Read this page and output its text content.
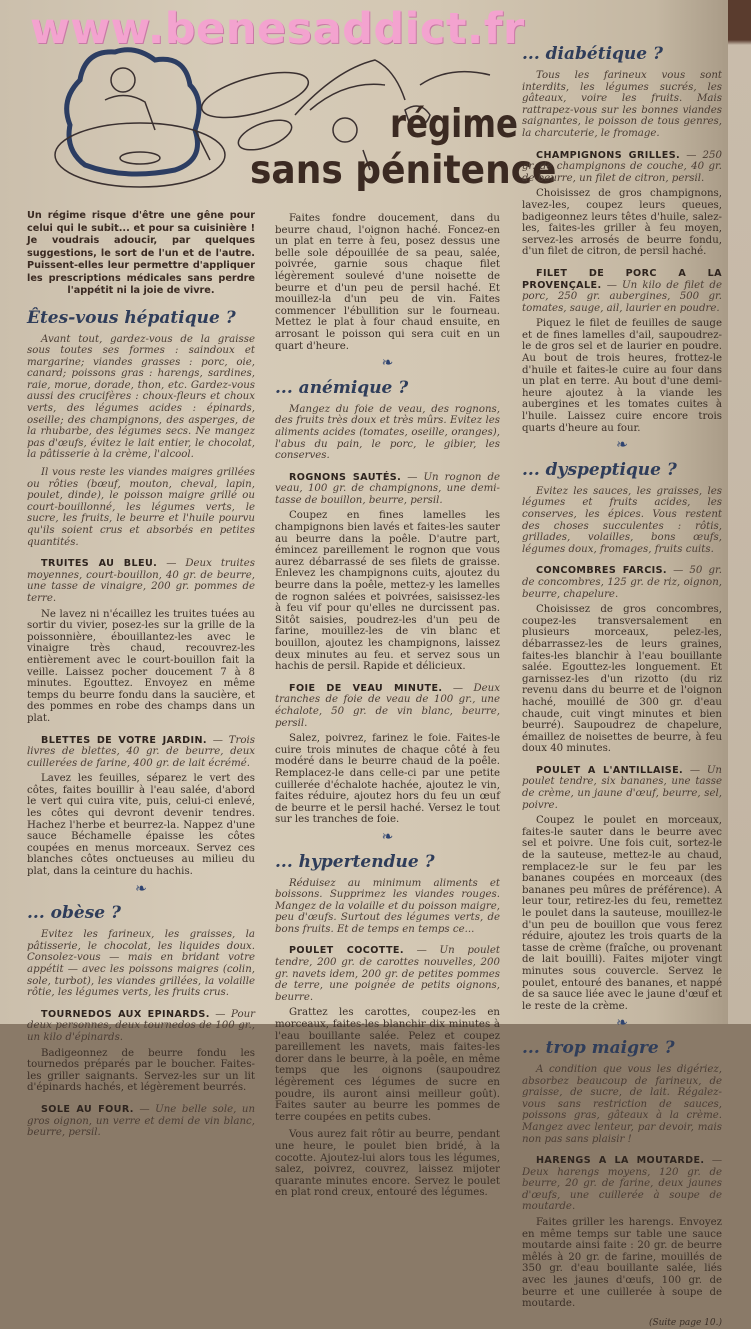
www.benesaddict.fr
régime
sans pénitence

Un régime risque d'être une gêne pour celui qui le subit... et pour sa cuisinière ! Je voudrais adoucir, par quelques suggestions, le sort de l'un et de l'autre. Puissent-elles leur permettre d'appliquer les prescriptions médicales sans perdre l'appétit ni la joie de vivre.

Êtes-vous hépatique ?

Avant tout, gardez-vous de la graisse sous toutes ses formes : saindoux et margarine; viandes grasses : porc, oie, canard; poissons gras : harengs, sardines, raie, morue, dorade, thon, etc. Gardez-vous aussi des crucifères : choux-fleurs et choux verts, des légumes acides : épinards, oseille; des champignons, des asperges, de la rhubarbe, des légumes secs. Ne mangez pas d'œufs, évitez le lait entier, le chocolat, la pâtisserie à la crème, l'alcool.

Il vous reste les viandes maigres grillées ou rôties (bœuf, mouton, cheval, lapin, poulet, dinde), le poisson maigre grillé ou court-bouillonné, les légumes verts, le sucre, les fruits, le beurre et l'huile pourvu qu'ils soient crus et absorbés en petites quantités.

TRUITES AU BLEU. — Deux truites moyennes, court-bouillon, 40 gr. de beurre, une tasse de vinaigre, 200 gr. pommes de terre.

Ne lavez ni n'écaillez les truites tuées au sortir du vivier, posez-les sur la grille de la poissonnière, ébouillantez-les avec le vinaigre très chaud, recouvrez-les entièrement avec le court-bouillon fait la veille. Laissez pocher doucement 7 à 8 minutes. Egouttez. Envoyez en même temps du beurre fondu dans la saucière, et des pommes en robe des champs dans un plat.

BLETTES DE VOTRE JARDIN. — Trois livres de blettes, 40 gr. de beurre, deux cuillerées de farine, 400 gr. de lait écrémé.

Lavez les feuilles, séparez le vert des côtes, faites bouillir à l'eau salée, d'abord le vert qui cuira vite, puis, celui-ci enlevé, les côtes qui devront devenir tendres. Hachez l'herbe et beurrez-la. Nappez d'une sauce Béchamelle épaisse les côtes coupées en menus morceaux. Servez ces blanches côtes onctueuses au milieu du plat, dans la ceinture du hachis.

❧
... obèse ?

Evitez les farineux, les graisses, la pâtisserie, le chocolat, les liquides doux. Consolez-vous — mais en bridant votre appétit — avec les poissons maigres (colin, sole, turbot), les viandes grillées, la volaille rôtie, les légumes verts, les fruits crus.

TOURNEDOS AUX EPINARDS. — Pour deux personnes, deux tournedos de 100 gr., un kilo d'épinards.

Badigeonnez de beurre fondu les tournedos préparés par le boucher. Faites-les griller saignants. Servez-les sur un lit d'épinards hachés, et légèrement beurrés.

SOLE AU FOUR. — Une belle sole, un gros oignon, un verre et demi de vin blanc, beurre, persil.

Faites fondre doucement, dans du beurre chaud, l'oignon haché. Foncez-en un plat en terre à feu, posez dessus une belle sole dépouillée de sa peau, salée, poivrée, garnie sous chaque filet légèrement soulevé d'une noisette de beurre et d'un peu de persil haché. Et mouillez-la d'un peu de vin. Faites commencer l'ébullition sur le fourneau. Mettez le plat à four chaud ensuite, en arrosant le poisson qui sera cuit en un quart d'heure.

❧
... anémique ?

Mangez du foie de veau, des rognons, des fruits très doux et très mûrs. Evitez les aliments acides (tomates, oseille, oranges), l'abus du pain, le porc, le gibier, les conserves.

ROGNONS SAUTÉS. — Un rognon de veau, 100 gr. de champignons, une demi-tasse de bouillon, beurre, persil.

Coupez en fines lamelles les champignons bien lavés et faites-les sauter au beurre dans la poêle. D'autre part, émincez pareillement le rognon que vous aurez débarrassé de ses filets de graisse. Enlevez les champignons cuits, ajoutez du beurre dans la poêle, mettez-y les lamelles de rognon salées et poivrées, saisissez-les à feu vif pour qu'elles ne durcissent pas. Sitôt saisies, poudrez-les d'un peu de farine, mouillez-les de vin blanc et bouillon, ajoutez les champignons, laissez deux minutes au feu. et servez sous un hachis de persil. Rapide et délicieux.

FOIE DE VEAU MINUTE. — Deux tranches de foie de veau de 100 gr., une échalote, 50 gr. de vin blanc, beurre, persil.

Salez, poivrez, farinez le foie. Faites-le cuire trois minutes de chaque côté à feu modéré dans le beurre chaud de la poêle. Remplacez-le dans celle-ci par une petite cuillerée d'échalote hachée, ajoutez le vin, faites réduire, ajoutez hors du feu un œuf de beurre et le persil haché. Versez le tout sur les tranches de foie.

❧
... hypertendue ?

Réduisez au minimum aliments et boissons. Supprimez les viandes rouges. Mangez de la volaille et du poisson maigre, peu d'œufs. Surtout des légumes verts, de bons fruits. Et de temps en temps ce...

POULET COCOTTE. — Un poulet tendre, 200 gr. de carottes nouvelles, 200 gr. navets idem, 200 gr. de petites pommes de terre, une poignée de petits oignons, beurre.

Grattez les carottes, coupez-les en morceaux, faites-les blanchir dix minutes à l'eau bouillante salée. Pelez et coupez pareillement les navets, mais faites-les dorer dans le beurre, à la poêle, en même temps que les oignons (saupoudrez légèrement ces légumes de sucre en poudre, ils auront ainsi meilleur goût). Faites sauter au beurre les pommes de terre coupées en petits cubes.

Vous aurez fait rôtir au beurre, pendant une heure, le poulet bien bridé, à la cocotte. Ajoutez-lui alors tous les légumes, salez, poivrez, couvrez, laissez mijoter quarante minutes encore. Servez le poulet en plat rond creux, entouré des légumes.

... diabétique ?

Tous les farineux vous sont interdits, les légumes sucrés, les gâteaux, voire les fruits. Mais rattrapez-vous sur les bonnes viandes saignantes, le poisson de tous genres, la charcuterie, le fromage.

CHAMPIGNONS GRILLES. — 250 gr. de champignons de couche, 40 gr. de beurre, un filet de citron, persil.

Choisissez de gros champignons, lavez-les, coupez leurs queues, badigeonnez leurs têtes d'huile, salez-les, faites-les griller à feu moyen, servez-les arrosés de beurre fondu, d'un filet de citron, de persil haché.

FILET DE PORC A LA PROVENÇALE. — Un kilo de filet de porc, 250 gr. aubergines, 500 gr. tomates, sauge, ail, laurier en poudre.

Piquez le filet de feuilles de sauge et de fines lamelles d'ail, saupoudrez-le de gros sel et de laurier en poudre. Au bout de trois heures, frottez-le d'huile et faites-le cuire au four dans un plat en terre. Au bout d'une demi-heure ajoutez à la viande les aubergines et les tomates cuites à l'huile. Laissez cuire encore trois quarts d'heure au four.

❧
... dyspeptique ?

Evitez les sauces, les graisses, les légumes et fruits acides, les conserves, les épices. Vous restent des choses succulentes : rôtis, grillades, volailles, bons œufs, légumes doux, fromages, fruits cuits.

CONCOMBRES FARCIS. — 50 gr. de concombres, 125 gr. de riz, oignon, beurre, chapelure.

Choisissez de gros concombres, coupez-les transversalement en plusieurs morceaux, pelez-les, débarrassez-les de leurs graines, faites-les blanchir à l'eau bouillante salée. Egouttez-les longuement. Et garnissez-les d'un rizotto (du riz revenu dans du beurre et de l'oignon haché, mouillé de 300 gr. d'eau chaude, cuit vingt minutes et bien beurré). Saupoudrez de chapelure, émaillez de noisettes de beurre, à feu doux 40 minutes.

POULET A L'ANTILLAISE. — Un poulet tendre, six bananes, une tasse de crème, un jaune d'œuf, beurre, sel, poivre.

Coupez le poulet en morceaux, faites-le sauter dans le beurre avec sel et poivre. Une fois cuit, sortez-le de la sauteuse, mettez-le au chaud, remplacez-le sur le feu par les bananes coupées en morceaux (des bananes peu mûres de préférence). A leur tour, retirez-les du feu, remettez le poulet dans la sauteuse, mouillez-le d'un peu de bouillon que vous ferez réduire, ajoutez les trois quarts de la tasse de crème (fraîche, ou provenant de lait bouilli). Faites mijoter vingt minutes sous couvercle. Servez le poulet, entouré des bananes, et nappé de sa sauce liée avec le jaune d'œuf et le reste de la crème.

❧
... trop maigre ?

A condition que vous les digériez, absorbez beaucoup de farineux, de graisse, de sucre, de lait. Régalez-vous sans restriction de sauces, poissons gras, gâteaux à la crème. Mangez avec lenteur, par devoir, mais non pas sans plaisir !

HARENGS A LA MOUTARDE. — Deux harengs moyens, 120 gr. de beurre, 20 gr. de farine, deux jaunes d'œufs, une cuillerée à soupe de moutarde.

Faites griller les harengs. Envoyez en même temps sur table une sauce moutarde ainsi faite : 20 gr. de beurre mêlés à 20 gr. de farine, mouillés de 350 gr. d'eau bouillante salée, liés avec les jaunes d'œufs, 100 gr. de beurre et une cuillerée à soupe de moutarde.

(Suite page 10.)
